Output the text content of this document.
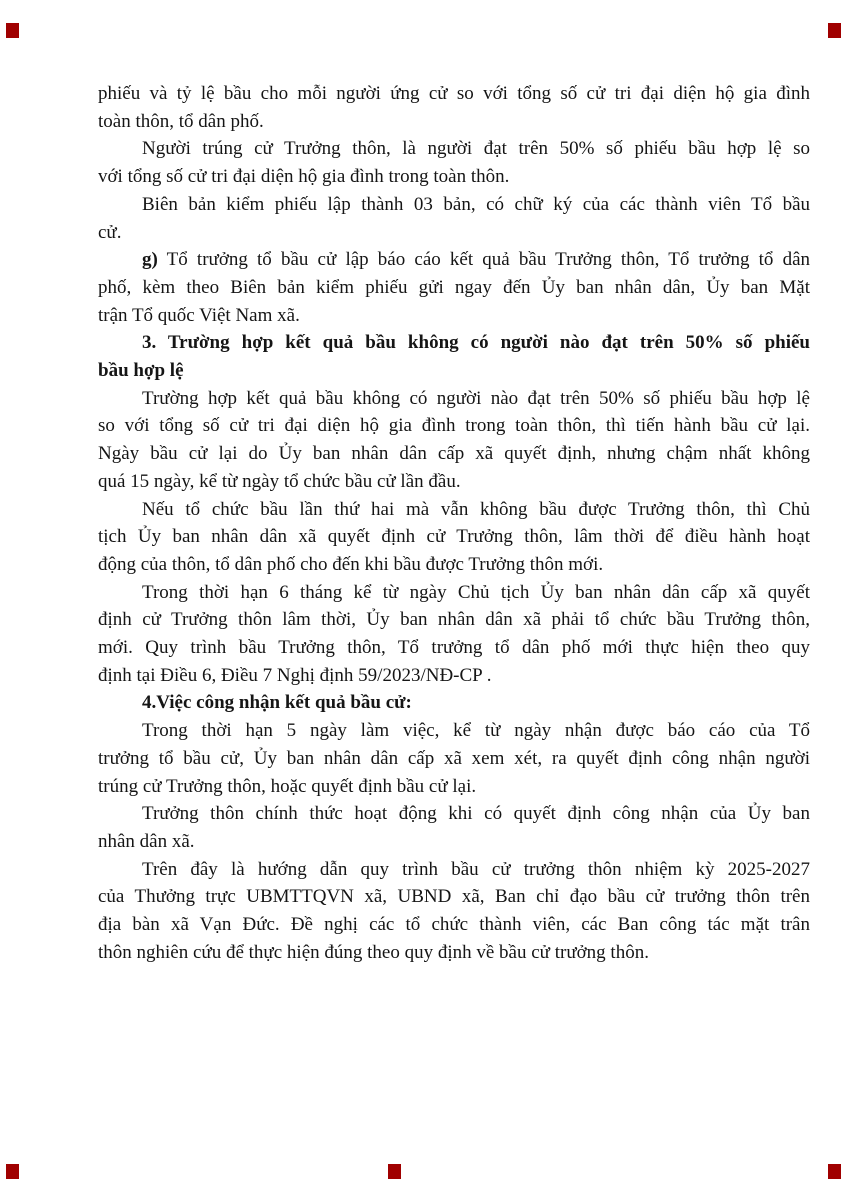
phiếu và tỷ lệ bầu cho mỗi người ứng cử so với tổng số cử tri đại diện hộ gia đình
toàn thôn, tổ dân phố.
Người trúng cử Trưởng thôn, là người đạt trên 50% số phiếu bầu hợp lệ so
với tổng số cử tri đại diện hộ gia đình trong toàn thôn.
Biên bản kiểm phiếu lập thành 03 bản, có chữ ký của các thành viên Tổ bầu
cử.
g) Tổ trưởng tổ bầu cử lập báo cáo kết quả bầu Trưởng thôn, Tổ trưởng tổ dân
phố, kèm theo Biên bản kiểm phiếu gửi ngay đến Ủy ban nhân dân, Ủy ban Mặt
trận Tổ quốc Việt Nam xã.
3. Trường hợp kết quả bầu không có người nào đạt trên 50% số phiếu
bầu hợp lệ
Trường hợp kết quả bầu không có người nào đạt trên 50% số phiếu bầu hợp lệ
so với tổng số cử tri đại diện hộ gia đình trong toàn thôn, thì tiến hành bầu cử lại.
Ngày bầu cử lại do Ủy ban nhân dân cấp xã quyết định, nhưng chậm nhất không
quá 15 ngày, kể từ ngày tổ chức bầu cử lần đầu.
Nếu tổ chức bầu lần thứ hai mà vẫn không bầu được Trưởng thôn, thì Chủ
tịch Ủy ban nhân dân xã quyết định cử Trưởng thôn, lâm thời để điều hành hoạt
động của thôn, tổ dân phố cho đến khi bầu được Trưởng thôn mới.
Trong thời hạn 6 tháng kể từ ngày Chủ tịch Ủy ban nhân dân cấp xã quyết
định cử Trưởng thôn lâm thời, Ủy ban nhân dân xã phải tổ chức bầu Trưởng thôn,
mới. Quy trình bầu Trưởng thôn, Tổ trưởng tổ dân phố mới thực hiện theo quy
định tại Điều 6, Điều 7 Nghị định 59/2023/NĐ-CP .
4.Việc công nhận kết quả bầu cử:
Trong thời hạn 5 ngày làm việc, kể từ ngày nhận được báo cáo của Tổ
trưởng tổ bầu cử, Ủy ban nhân dân cấp xã xem xét, ra quyết định công nhận người
trúng cử Trưởng thôn, hoặc quyết định bầu cử lại.
Trưởng thôn chính thức hoạt động khi có quyết định công nhận của Ủy ban
nhân dân xã.
Trên đây là hướng dẫn quy trình bầu cử trưởng thôn nhiệm kỳ 2025-2027
của Thưởng trực UBMTTQVN xã, UBND xã, Ban chỉ đạo bầu cử trưởng thôn trên
địa bàn xã Vạn Đức. Đề nghị các tổ chức thành viên, các Ban công tác mặt trân
thôn nghiên cứu để thực hiện đúng theo quy định về bầu cử trưởng thôn.
